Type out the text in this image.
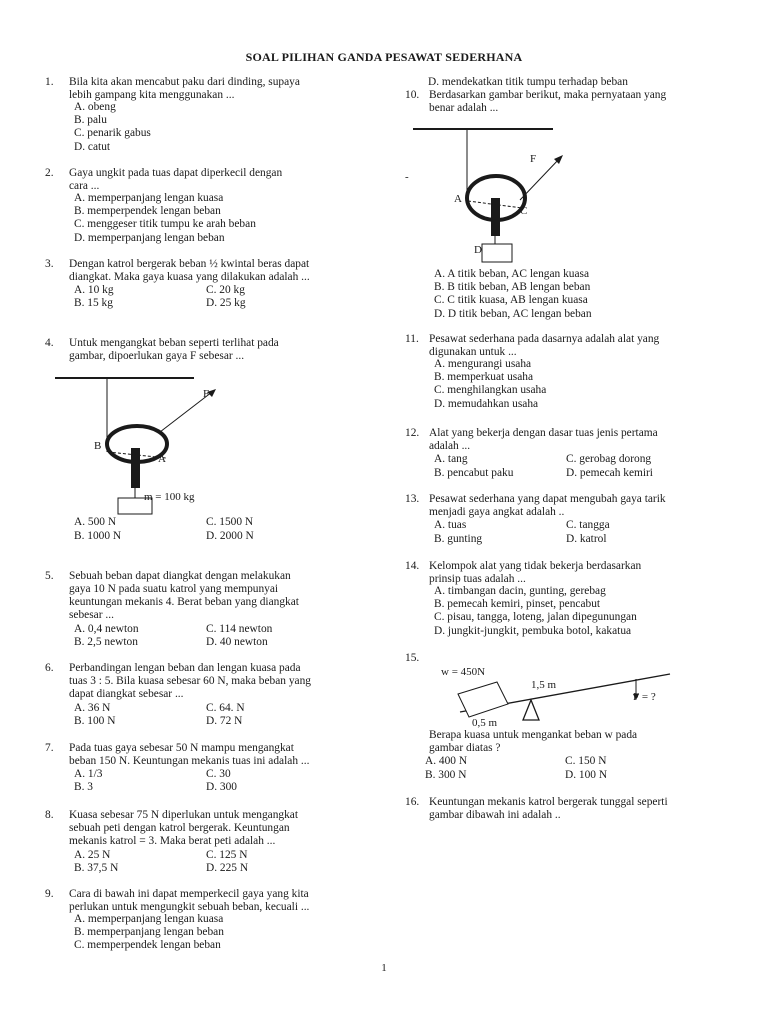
SOAL PILIHAN GANDA PESAWAT SEDERHANA
1. Bila kita akan mencabut paku dari dinding, supaya
lebih gampang kita menggunakan ...
A. obeng
B. palu
C. penarik gabus
D. catut
2. Gaya ungkit pada tuas dapat diperkecil dengan
cara ...
A. memperpanjang lengan kuasa
B. memperpendek lengan beban
C. menggeser titik tumpu ke arah beban
D. memperpanjang lengan beban
3. Dengan katrol bergerak beban ½ kwintal beras dapat
diangkat. Maka gaya kuasa yang dilakukan adalah ...
A. 10 kg	C. 20 kg
B. 15 kg	D. 25 kg
4. Untuk mengangkat beban seperti terlihat pada
gambar, dipoerlukan gaya F sebesar ...
F
B
A
m = 100 kg
A. 500 N	C. 1500 N
B. 1000 N	D. 2000 N
5. Sebuah beban dapat diangkat dengan melakukan
gaya 10 N pada suatu katrol yang mempunyai
keuntungan mekanis 4. Berat beban yang diangkat
sebesar ...
A. 0,4 newton	C. 114 newton
B. 2,5 newton	D. 40 newton
6. Perbandingan lengan beban dan lengan kuasa pada
tuas 3 : 5. Bila kuasa sebesar 60 N, maka beban yang
dapat diangkat sebesar ...
A. 36 N	C. 64. N
B. 100 N	D. 72 N
7. Pada tuas gaya sebesar 50 N mampu mengangkat
beban 150 N. Keuntungan mekanis tuas ini adalah ...
A. 1/3	C. 30
B. 3	D. 300
8. Kuasa sebesar 75 N diperlukan untuk mengangkat
sebuah peti dengan katrol bergerak. Keuntungan
mekanis katrol = 3. Maka berat peti adalah ...
A. 25 N	C. 125 N
B. 37,5 N	D. 225 N
9. Cara di bawah ini dapat memperkecil gaya yang kita
perlukan untuk mengungkit sebuah beban, kecuali ...
A. memperpanjang lengan kuasa
B. memperpanjang lengan beban
C. memperpendek lengan beban
D. mendekatkan titik tumpu terhadap beban
10. Berdasarkan gambar berikut, maka pernyataan yang
benar adalah ...
F
A
C
D
-
A. A titik beban, AC lengan kuasa
B. B titik beban, AB lengan beban
C. C titik kuasa, AB lengan kuasa
D. D titik beban, AC lengan beban
11. Pesawat sederhana pada dasarnya adalah alat yang
digunakan untuk ...
A. mengurangi usaha
B. memperkuat usaha
C. menghilangkan usaha
D. memudahkan usaha
12. Alat yang bekerja dengan dasar tuas jenis pertama
adalah ...
A. tang	C. gerobag dorong
B. pencabut paku	D. pemecah kemiri
13. Pesawat sederhana yang dapat mengubah gaya tarik
menjadi gaya angkat adalah ..
A. tuas	C. tangga
B. gunting	D. katrol
14. Kelompok alat yang tidak bekerja berdasarkan
prinsip tuas adalah ...
A. timbangan dacin, gunting, gerebag
B. pemecah kemiri, pinset, pencabut
C. pisau, tangga, loteng, jalan dipegunungan
D. jungkit-jungkit, pembuka botol, kakatua
15.
w = 450N
1,5 m
F = ?
0,5 m
Berapa kuasa untuk mengankat beban w pada
gambar diatas ?
A. 400 N	C. 150 N
B. 300 N	D. 100 N
16. Keuntungan mekanis katrol bergerak tunggal seperti
gambar dibawah ini adalah ..
1
